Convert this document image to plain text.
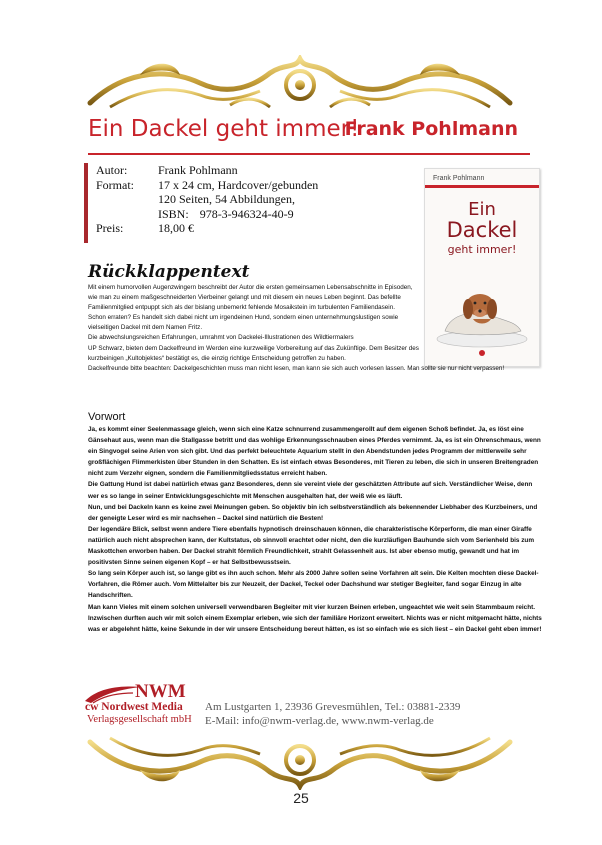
Ein Dackel geht immer!
Frank Pohlmann
Autor:	Frank Pohlmann
Format:	17 x 24 cm, Hardcover/gebunden
120 Seiten, 54 Abbildungen,
ISBN: 978-3-946324-40-9
Preis:	18,00 €
Frank Pohlmann
Ein
Dackel
geht immer!
Rückklappentext

Mit einem humorvollen Augenzwingern beschreibt der Autor die ersten gemeinsamen Lebensabschnitte in Episoden, wie man zu einem maßgeschneiderten Vierbeiner gelangt und mit diesem ein neues Leben beginnt. Das befellte Familienmitglied entpuppt sich als der bislang unbemerkt fehlende Mosaikstein im turbulenten Familiendasein.

Schon erraten? Es handelt sich dabei nicht um irgendeinen Hund, sondern einen unternehmungslustigen sowie vielseitigen Dackel mit dem Namen Fritz.

Die abwechslungsreichen Erfahrungen, umrahmt von Dackelei-Illustrationen des Wildtiermalers

UP Schwarz, bieten dem Dackelfreund im Werden eine kurzweilige Vorbereitung auf das Zukünftige. Dem Besitzer des kurzbeinigen „Kultobjektes“ bestätigt es, die einzig richtige Entscheidung getroffen zu haben.

Dackelfreunde bitte beachten: Dackelgeschichten muss man nicht lesen, man kann sie sich auch vorlesen lassen. Man sollte sie nur nicht verpassen!

Vorwort

Ja, es kommt einer Seelenmassage gleich, wenn sich eine Katze schnurrend zusammengerollt auf dem eigenen Schoß befindet. Ja, es löst eine Gänsehaut aus, wenn man die Stallgasse betritt und das wohlige Erkennungsschnauben eines Pferdes vernimmt. Ja, es ist ein Ohrenschmaus, wenn ein Singvogel seine Arien von sich gibt. Und das perfekt beleuchtete Aquarium stellt in den Abendstunden jedes Programm der mittlerweile sehr großflächigen Flimmerkisten über Stunden in den Schatten. Es ist einfach etwas Besonderes, mit Tieren zu leben, die sich in unseren Breitengraden nicht zum Verzehr eignen, sondern die Familienmitgliedsstatus erreicht haben.

Die Gattung Hund ist dabei natürlich etwas ganz Besonderes, denn sie vereint viele der geschätzten Attribute auf sich. Verständlicher Weise, denn wer es so lange in seiner Entwicklungsgeschichte mit Menschen ausgehalten hat, der weiß wie es läuft.

Nun, und bei Dackeln kann es keine zwei Meinungen geben. So objektiv bin ich selbstverständlich als bekennender Liebhaber des Kurzbeiners, und der geneigte Leser wird es mir nachsehen – Dackel sind natürlich die Besten!

Der legendäre Blick, selbst wenn andere Tiere ebenfalls hypnotisch dreinschauen können, die charakteristische Körperform, die man einer Giraffe natürlich auch nicht absprechen kann, der Kultstatus, ob sinnvoll erachtet oder nicht, den die kurzläufigen Bauhunde sich vom Serienheld bis zum Maskottchen erworben haben. Der Dackel strahlt förmlich Freundlichkeit, strahlt Gelassenheit aus. Ist aber ebenso mutig, gewandt und hat im positivsten Sinne seinen eigenen Kopf – er hat Selbstbewusstsein.

So lang sein Körper auch ist, so lange gibt es ihn auch schon. Mehr als 2000 Jahre sollen seine Vorfahren alt sein. Die Kelten mochten diese Dackel-Vorfahren, die Römer auch. Vom Mittelalter bis zur Neuzeit, der Dackel, Teckel oder Dachshund war stetiger Begleiter, fand sogar Einzug in alte Handschriften.

Man kann Vieles mit einem solchen universell verwendbaren Begleiter mit vier kurzen Beinen erleben, ungeachtet wie weit sein Stammbaum reicht.

Inzwischen durften auch wir mit solch einem Exemplar erleben, wie sich der familiäre Horizont erweitert. Nichts was er nicht mitgemacht hätte, nichts was er abgelehnt hätte, keine Sekunde in der wir unsere Entscheidung bereut hätten, es ist so einfach wie es sich liest – ein Dackel geht eben immer!

NWM
cw Nordwest Media
Verlagsgesellschaft mbH
Am Lustgarten 1, 23936 Grevesmühlen, Tel.: 03881-2339
E-Mail: info@nwm-verlag.de, www.nwm-verlag.de
25
